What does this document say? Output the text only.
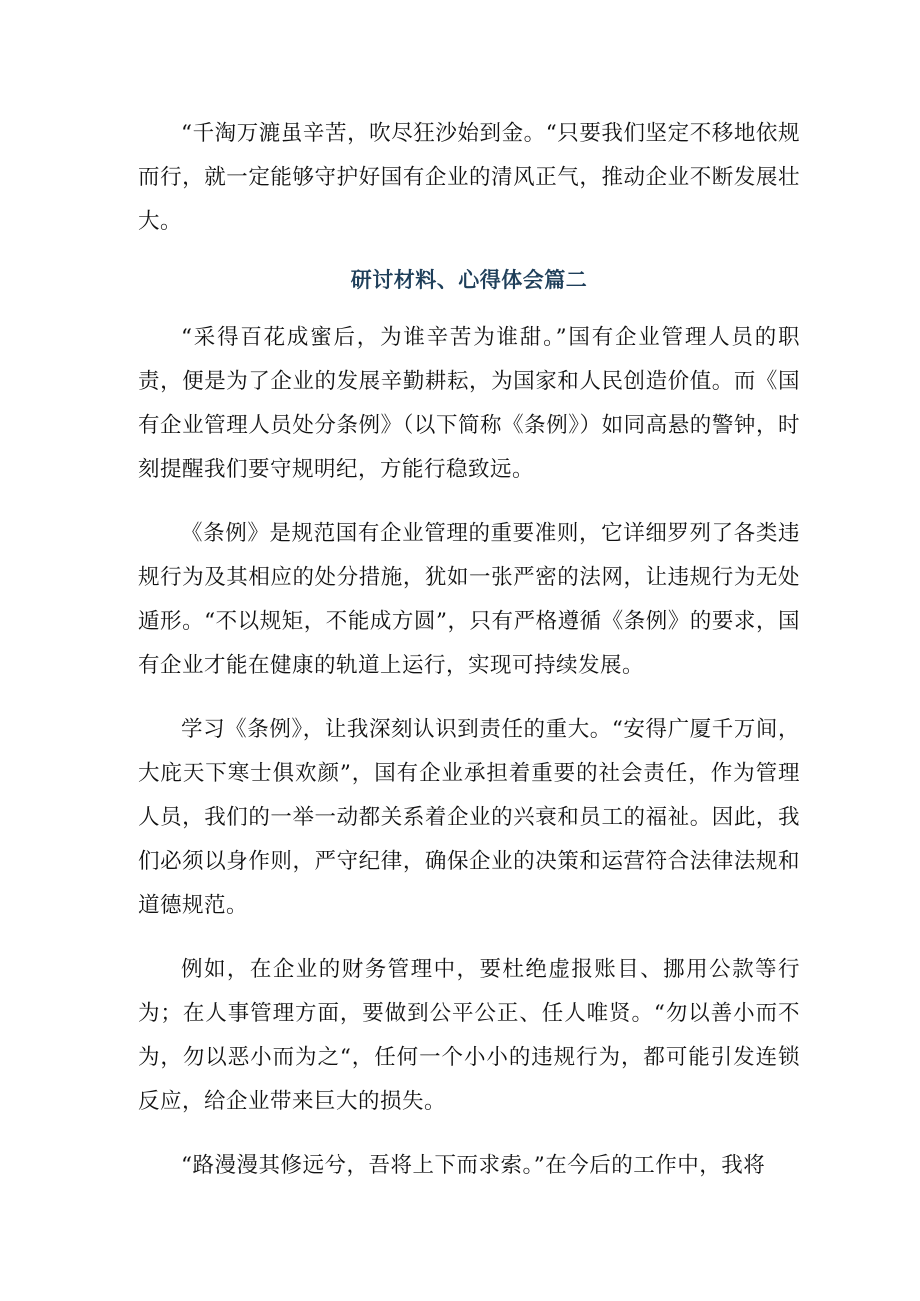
“千淘万漉虽辛苦，吹尽狂沙始到金。“只要我们坚定不移地依规而行，就一定能够守护好国有企业的清风正气，推动企业不断发展壮大。

研讨材料、心得体会篇二

“采得百花成蜜后，为谁辛苦为谁甜。”国有企业管理人员的职责，便是为了企业的发展辛勤耕耘，为国家和人民创造价值。而《国有企业管理人员处分条例》（以下简称《条例》）如同高悬的警钟，时刻提醒我们要守规明纪，方能行稳致远。

《条例》是规范国有企业管理的重要准则，它详细罗列了各类违规行为及其相应的处分措施，犹如一张严密的法网，让违规行为无处遁形。“不以规矩，不能成方圆”，只有严格遵循《条例》的要求，国有企业才能在健康的轨道上运行，实现可持续发展。

学习《条例》，让我深刻认识到责任的重大。“安得广厦千万间，大庇天下寒士俱欢颜”，国有企业承担着重要的社会责任，作为管理人员，我们的一举一动都关系着企业的兴衰和员工的福祉。因此，我们必须以身作则，严守纪律，确保企业的决策和运营符合法律法规和道德规范。

例如，在企业的财务管理中，要杜绝虚报账目、挪用公款等行为；在人事管理方面，要做到公平公正、任人唯贤。“勿以善小而不为，勿以恶小而为之“，任何一个小小的违规行为，都可能引发连锁反应，给企业带来巨大的损失。

“路漫漫其修远兮，吾将上下而求索。”在今后的工作中，我将
